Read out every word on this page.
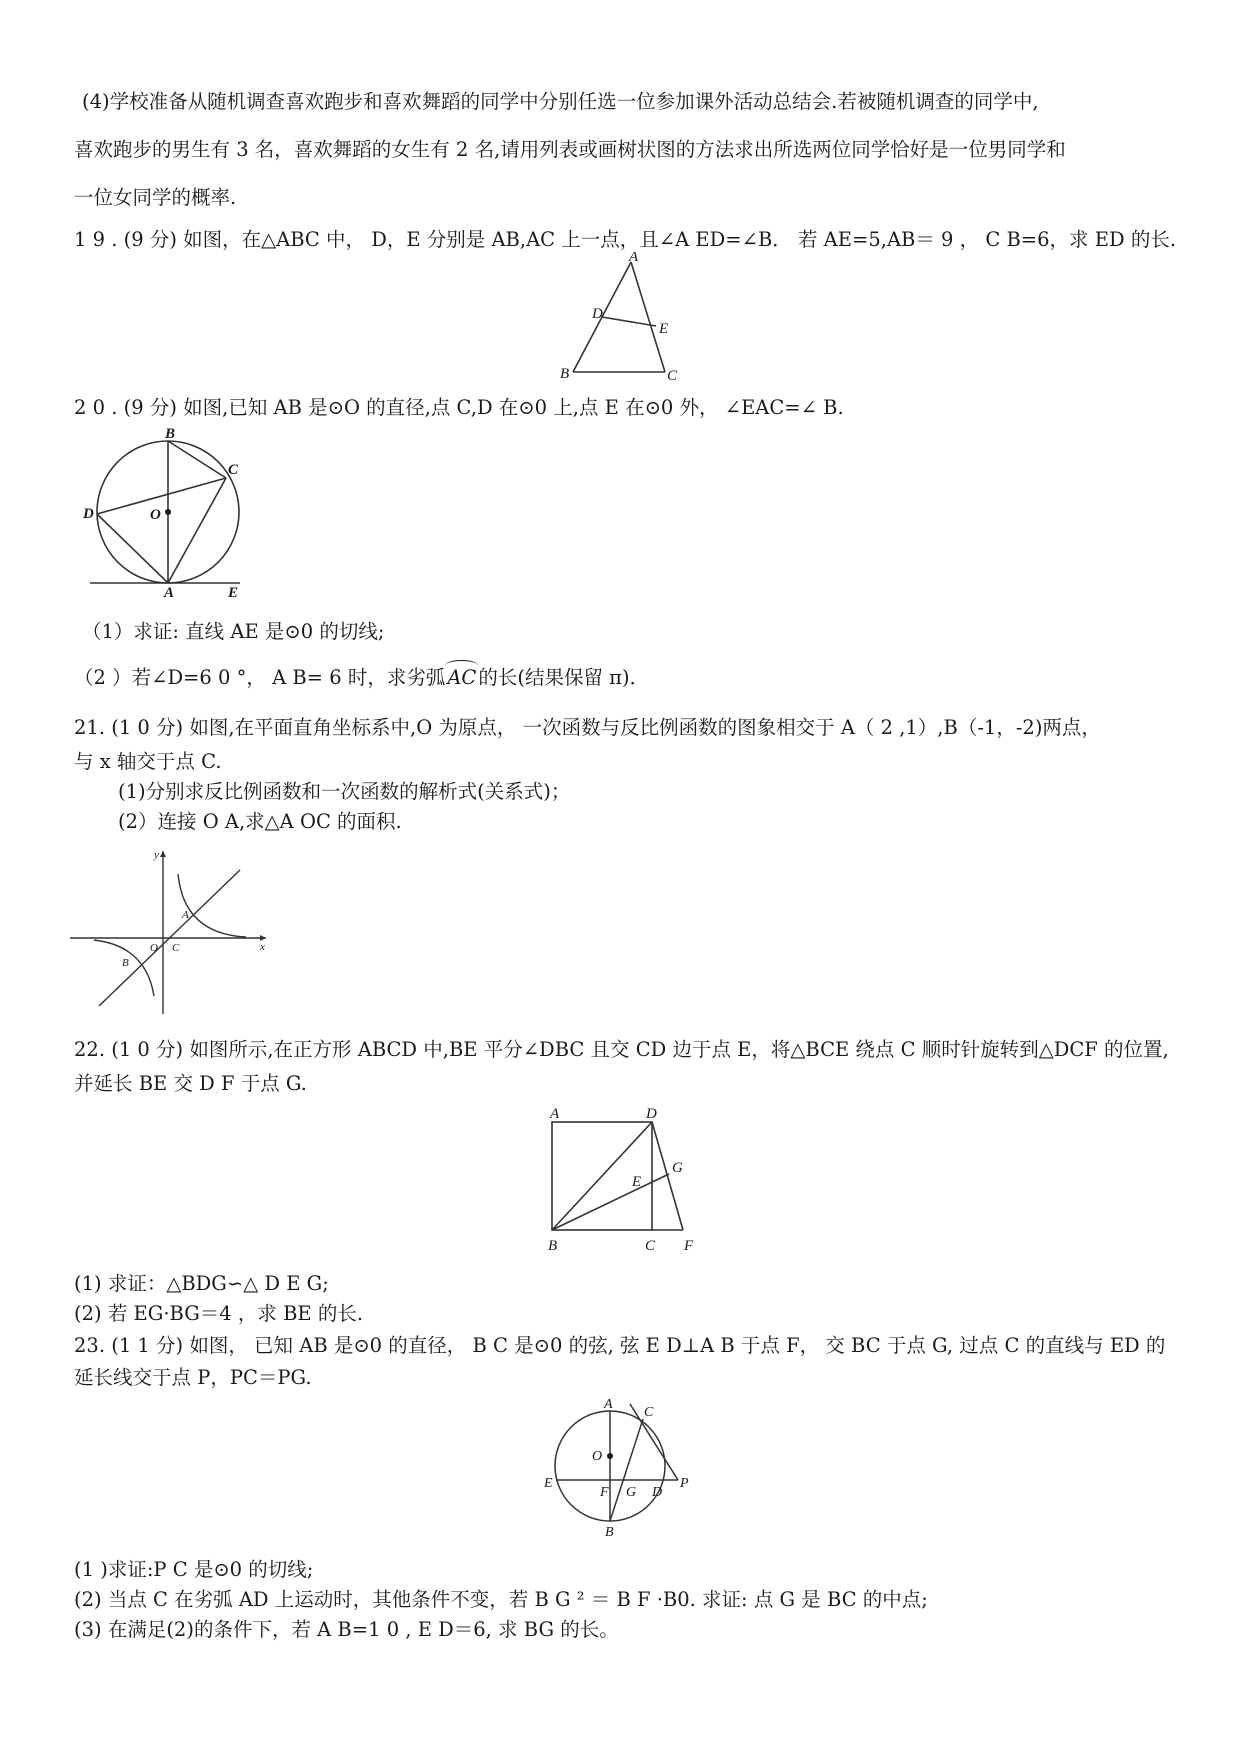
(4)学校准备从随机调查喜欢跑步和喜欢舞蹈的同学中分别任选一位参加课外活动总结会.若被随机调查的同学中,
喜欢跑步的男生有 3 名，喜欢舞蹈的女生有 2 名,请用列表或画树状图的方法求出所选两位同学恰好是一位男同学和
一位女同学的概率.
1 9 . (9 分) 如图，在△ABC 中， D，E 分别是 AB,AC 上一点，且∠A ED=∠B． 若 AE=5,AB＝ 9 ， C B=6，求 ED 的长.
A
D
E
B	C
2 0 . (9 分) 如图,已知 AB 是⊙O 的直径,点 C,D 在⊙0 上,点 E 在⊙0 外， ∠EAC=∠ B.
B
C
D	O
A	E
（1）求证: 直线 AE 是⊙0 的切线;
（2 ）若∠D=6 0 °， A B= 6 时，求劣弧 AC 的长(结果保留 π)．
21. (1 0 分) 如图,在平面直角坐标系中,O 为原点， 一次函数与反比例函数的图象相交于 A（ 2 ,1）,B（-1，-2)两点，
与 x 轴交于点 C.
(1)分别求反比例函数和一次函数的解析式(关系式)；
(2）连接 O A,求△A OC 的面积.
y
x
A
B
O C
22. (1 0 分) 如图所示,在正方形 ABCD 中,BE 平分∠DBC 且交 CD 边于点 E，将△BCE 绕点 C 顺时针旋转到△DCF 的位置,
并延长 BE 交 D F 于点 G.
A	D
E
G
B	C F
(1) 求证：△BDG∽△ D E G;
(2) 若 EG·BG＝4 ，求 BE 的长.
23. (1 1 分) 如图， 已知 AB 是⊙0 的直径， B C 是⊙0 的弦, 弦 E D⊥A B 于点 F， 交 BC 于点 G, 过点 C 的直线与 ED 的
延长线交于点 P，PC＝PG.
A
C
O
E
F G D
P
B
(1 )求证:P C 是⊙0 的切线;
(2) 当点 C 在劣弧 AD 上运动时，其他条件不变，若 B G ² ＝ B F ·B0. 求证: 点 G 是 BC 的中点;
(3) 在满足(2)的条件下，若 A B=1 0 , E D＝6, 求 BG 的长。
